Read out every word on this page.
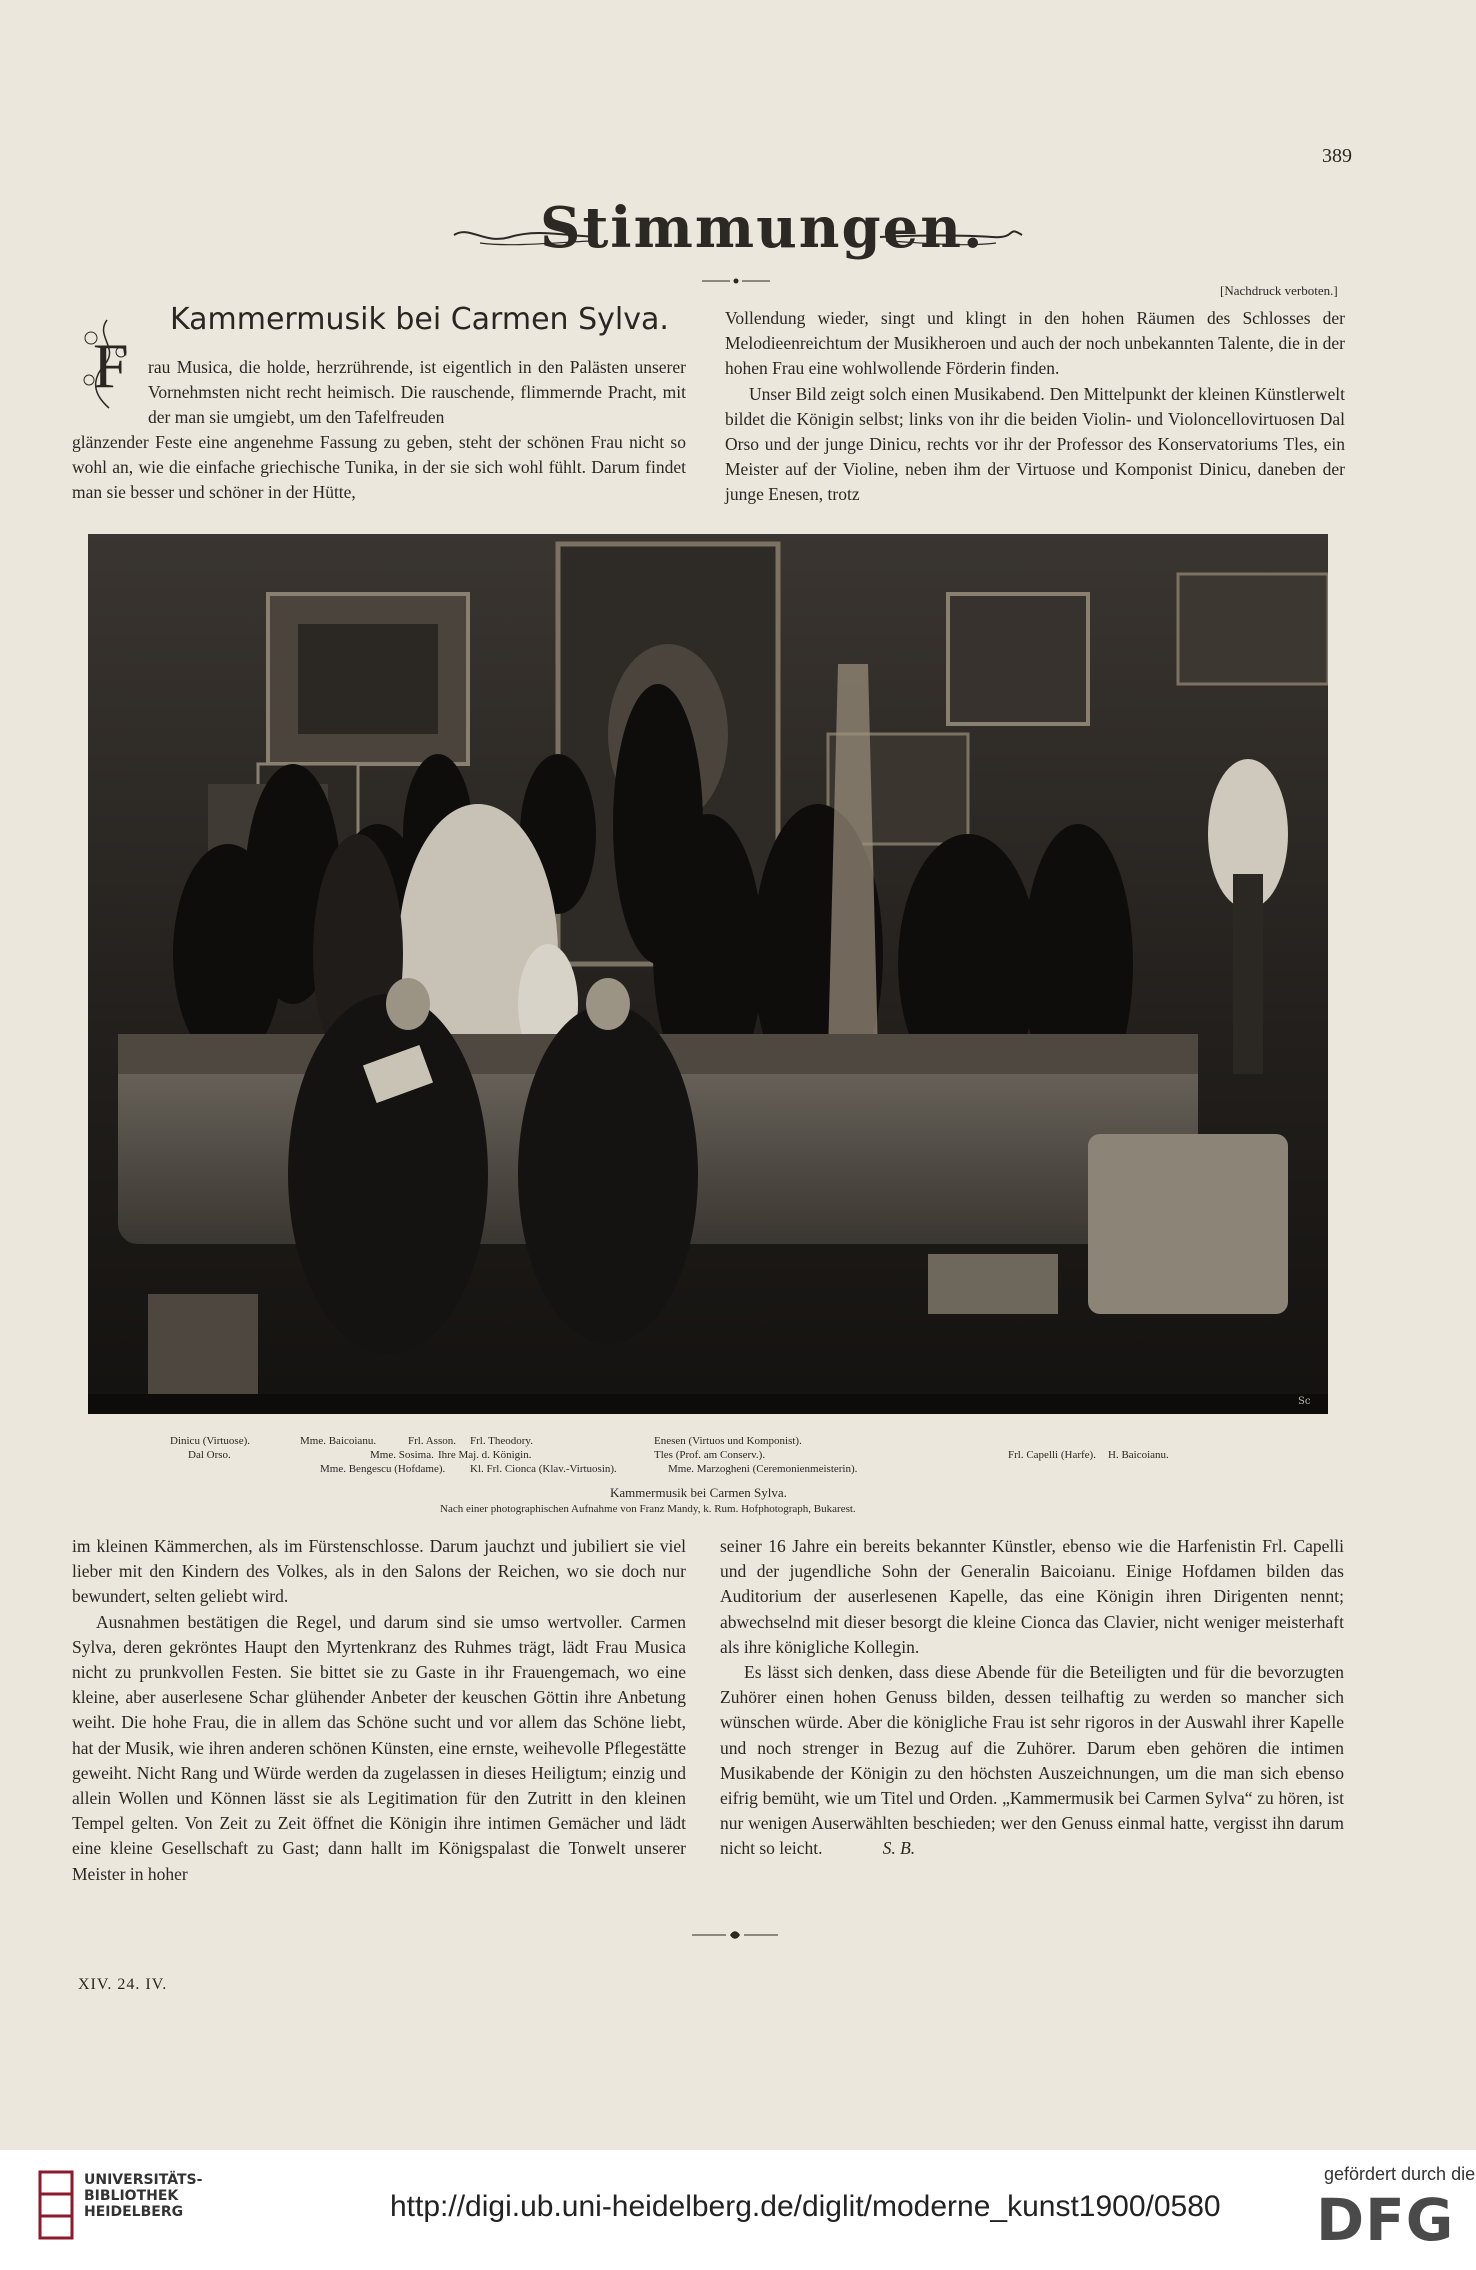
389
Stimmungen.
[Nachdruck verboten.]
Kammermusik bei Carmen Sylva.
F rau Musica, die holde, herzrührende, ist eigentlich in den Palästen unserer Vornehmsten nicht recht heimisch. Die rauschende, flimmernde Pracht, mit der man sie umgiebt, um den Tafelfreuden

glänzender Feste eine angenehme Fassung zu geben, steht der schönen Frau nicht so wohl an, wie die einfache griechische Tunika, in der sie sich wohl fühlt. Darum findet man sie besser und schöner in der Hütte,

Vollendung wieder, singt und klingt in den hohen Räumen des Schlosses der Melodieenreichtum der Musikheroen und auch der noch unbekannten Talente, die in der hohen Frau eine wohlwollende Förderin finden.

Unser Bild zeigt solch einen Musikabend. Den Mittelpunkt der kleinen Künstlerwelt bildet die Königin selbst; links von ihr die beiden Violin- und Violoncellovirtuosen Dal Orso und der junge Dinicu, rechts vor ihr der Professor des Konservatoriums Tles, ein Meister auf der Violine, neben ihm der Virtuose und Komponist Dinicu, daneben der junge Enesen, trotz

Sc
Dinicu (Virtuose).	Mme. Baicoianu.	Frl. Asson. Frl. Theodory.	Enesen (Virtuos und Komponist).
Dal Orso.	Mme. Sosima. Ihre Maj. d. Königin.	Tles (Prof. am Conserv.).	Frl. Capelli (Harfe). H. Baicoianu.
Mme. Bengescu (Hofdame). Kl. Frl. Cionca (Klav.-Virtuosin).	Mme. Marzogheni (Ceremonienmeisterin).
Kammermusik bei Carmen Sylva.
Nach einer photographischen Aufnahme von Franz Mandy, k. Rum. Hofphotograph, Bukarest.

im kleinen Kämmerchen, als im Fürstenschlosse. Darum jauchzt und jubiliert sie viel lieber mit den Kindern des Volkes, als in den Salons der Reichen, wo sie doch nur bewundert, selten geliebt wird.

Ausnahmen bestätigen die Regel, und darum sind sie umso wertvoller. Carmen Sylva, deren gekröntes Haupt den Myrtenkranz des Ruhmes trägt, lädt Frau Musica nicht zu prunkvollen Festen. Sie bittet sie zu Gaste in ihr Frauengemach, wo eine kleine, aber auserlesene Schar glühender Anbeter der keuschen Göttin ihre Anbetung weiht. Die hohe Frau, die in allem das Schöne sucht und vor allem das Schöne liebt, hat der Musik, wie ihren anderen schönen Künsten, eine ernste, weihevolle Pflegestätte geweiht. Nicht Rang und Würde werden da zugelassen in dieses Heiligtum; einzig und allein Wollen und Können lässt sie als Legitimation für den Zutritt in den kleinen Tempel gelten. Von Zeit zu Zeit öffnet die Königin ihre intimen Gemächer und lädt eine kleine Gesellschaft zu Gast; dann hallt im Königspalast die Tonwelt unserer Meister in hoher

seiner 16 Jahre ein bereits bekannter Künstler, ebenso wie die Harfenistin Frl. Capelli und der jugendliche Sohn der Generalin Baicoianu. Einige Hofdamen bilden das Auditorium der auserlesenen Kapelle, das eine Königin ihren Dirigenten nennt; abwechselnd mit dieser besorgt die kleine Cionca das Clavier, nicht weniger meisterhaft als ihre königliche Kollegin.

Es lässt sich denken, dass diese Abende für die Beteiligten und für die bevorzugten Zuhörer einen hohen Genuss bilden, dessen teilhaftig zu werden so mancher sich wünschen würde. Aber die königliche Frau ist sehr rigoros in der Auswahl ihrer Kapelle und noch strenger in Bezug auf die Zuhörer. Darum eben gehören die intimen Musikabende der Königin zu den höchsten Auszeichnungen, um die man sich ebenso eifrig bemüht, wie um Titel und Orden. „Kammermusik bei Carmen Sylva“ zu hören, ist nur wenigen Auserwählten beschieden; wer den Genuss einmal hatte, vergisst ihn darum nicht so leicht.	S. B.

XIV. 24. IV.
UNIVERSITÄTS-
BIBLIOTHEK
HEIDELBERG	http://digi.ub.uni-heidelberg.de/diglit/moderne_kunst1900/0580
gefördert durch die
DFG
